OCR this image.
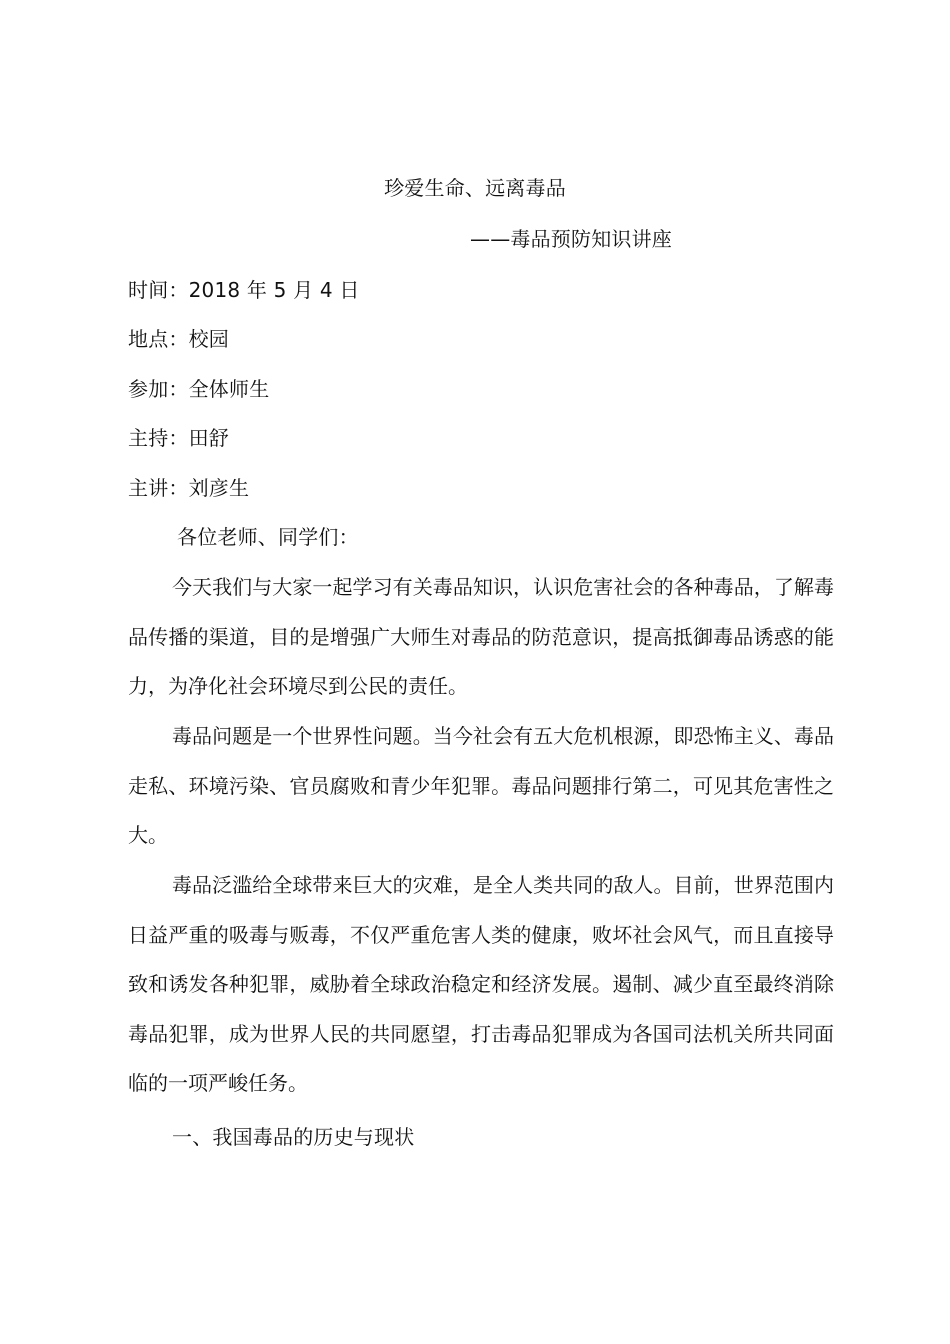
珍爱生命、远离毒品
——毒品预防知识讲座
时间：2018 年 5 月 4 日
地点：校园
参加：全体师生
主持：田舒
主讲：刘彦生
各位老师、同学们：
今天我们与大家一起学习有关毒品知识，认识危害社会的各种毒品，了解毒品传播的渠道，目的是增强广大师生对毒品的防范意识，提高抵御毒品诱惑的能力，为净化社会环境尽到公民的责任。
毒品问题是一个世界性问题。当今社会有五大危机根源，即恐怖主义、毒品走私、环境污染、官员腐败和青少年犯罪。毒品问题排行第二，可见其危害性之大。
毒品泛滥给全球带来巨大的灾难，是全人类共同的敌人。目前，世界范围内日益严重的吸毒与贩毒，不仅严重危害人类的健康，败坏社会风气，而且直接导致和诱发各种犯罪，威胁着全球政治稳定和经济发展。遏制、减少直至最终消除毒品犯罪，成为世界人民的共同愿望，打击毒品犯罪成为各国司法机关所共同面临的一项严峻任务。
一、我国毒品的历史与现状
